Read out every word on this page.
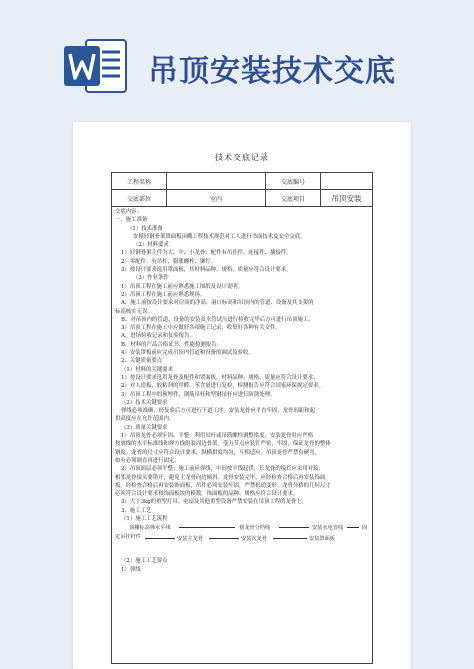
吊顶安装技术交底
技术交底记录
工程名称		交底编号	
交底部位	室内	交底项目	吊顶安装
交底内容：
一、施工准备
（1）技术准备
安摸轻钢骨架罩面板顶棚工程技术规范对工人进行书面技术及安全交底。
（2）材料要求
1）轻钢骨架主件为大、中、小龙骨；配件有吊挂件、连接件、插接件。
2）零配件：有吊杆、膨胀螺栓、铆钉。
3）按设计要求选用罩面板，其材料品种、规格、质量应符合设计要求。
（3）作业条件
1）吊顶工程在施工前应熟悉施工图纸及设计说明。
2）吊顶工程在施工前应熟悉现场。
A、施工前按设计要求对房间的净高、洞口标高和吊顶内的管道、设备及其支架的
标高核实无误。
B、对吊顶内的管道、设备的安装及水管试压进行检收完毕后方可进行吊顶施工。
3）吊顶工程在施工中应做好各项施工记录，收集好各种有关文件。
A、进场验收记录和复验报告。
B、材料的产品合格证书、性能检测报告。
4）安装罩板前应完成吊顶内管道和设备的调试及验收。
2、关键质量要点
（1）材料的关键要求
1）按设计要求选用龙骨及配件和罩面板，材料品种、规格、质量应符合设计要求。
2）对人造板、胶粘剂的甲醛、苯含量进行复检，检测报告应符合国家环保规定要求。
3）吊顶工程中的预埋件、钢筋吊杆和型钢吊杆应进行防锈处理。
（2）技术关键要求
弹线必须准确，经复验后方可进行下道工序。安装龙骨应平直牢固，龙骨间距和起
拱高度应在允许范围内。
（3）质量关键要求
1）吊顶龙骨必须牢固、平整：利用吊杆或吊筋螺栓调整拱度。安装龙骨时应严格
按放线的水平标准线和规方线组装周边骨架。受力节点应装钉严密、牢固，保证龙骨的整体
钢度。龙骨的尺寸应符合设计要求，纵横拱度均匀，互相适应。吊顶龙骨严禁有硬弯，
如有必须调直再进行固定。
2）吊顶面层必须平整：施工前应弹线，中间按平线起拱。长龙骨的接长应采用对接；
相邻龙骨接头要错开，避免主龙骨向边倾斜。龙骨安装完毕，应经检查合格后再安装饰面
板。经检查合格后再安装饰面板，吊件必须安装牢固，严禁松动变形。龙骨分格的几何尺寸
必须符合设计要求和饰面板块的模数。饰面板的品种、规格应符合设计要求。
3）大于3kg的重型灯具、电扇及其他重型设备严禁安装在吊顶工程的龙骨上。
3、施工工艺
（1）施工工艺流程
顶棚标高弹水平线	划龙骨分档线	安装水电管线	固
定吊挂杆件	安装主龙骨	安装次龙骨	安装罩面板
（2）施工工艺要点
1）弹线
